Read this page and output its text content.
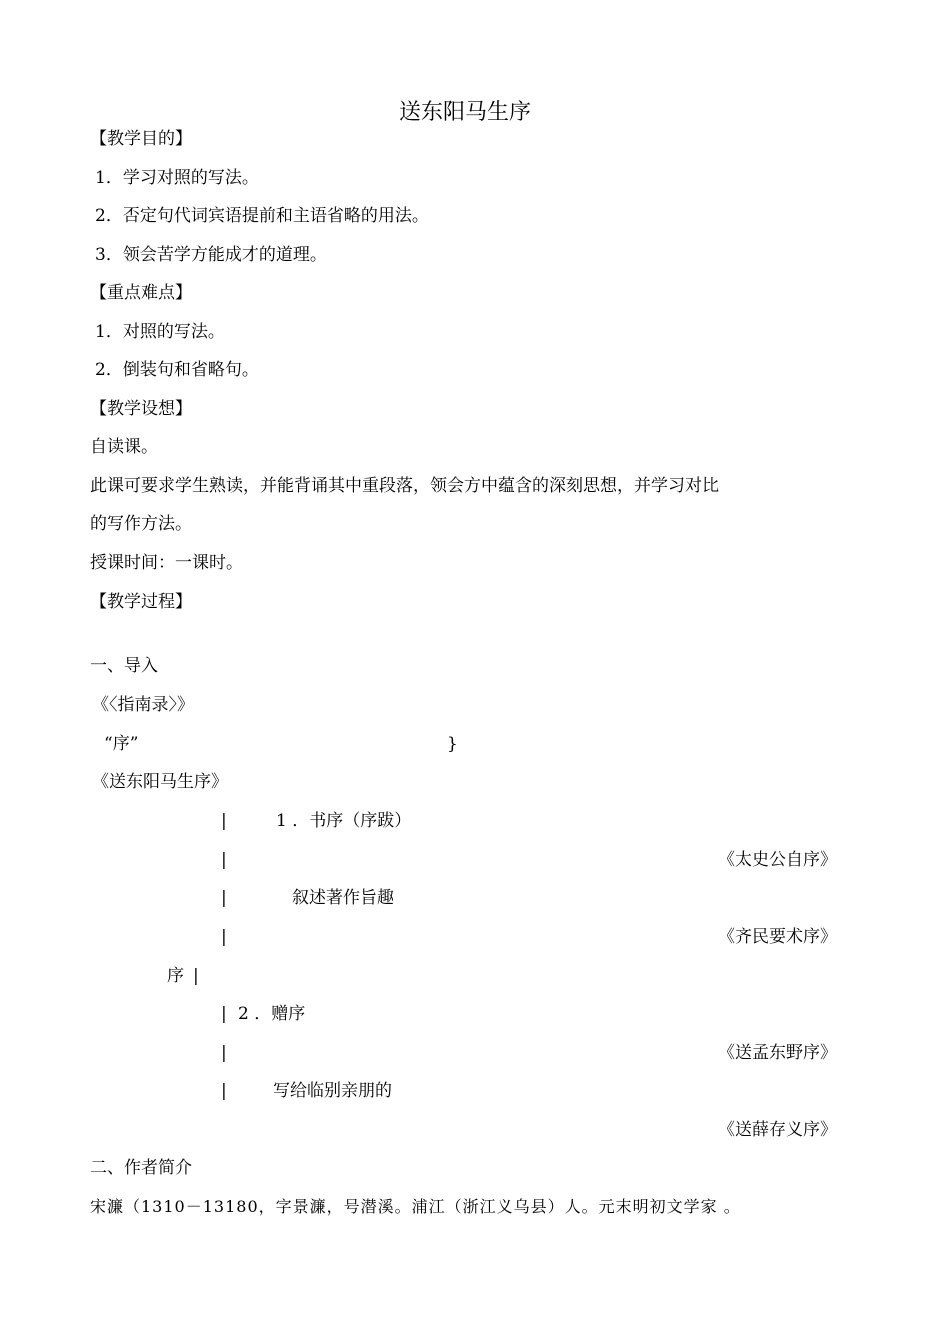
送东阳马生序
【教学目的】
1．学习对照的写法。
2．否定句代词宾语提前和主语省略的用法。
3．领会苦学方能成才的道理。
【重点难点】
1．对照的写法。
2．倒装句和省略句。
【教学设想】
自读课。
此课可要求学生熟读，并能背诵其中重段落，领会方中蕴含的深刻思想，并学习对比
的写作方法。
授课时间：一课时。
【教学过程】
一、导入
《〈指南录〉》
“序”	}
《送东阳马生序》
|	1 ．书序（序跋）
|	《太史公自序》
|	叙述著作旨趣
|	《齐民要术序》
序 |
| 2 ．赠序
|	《送孟东野序》
|	写给临别亲朋的
《送薛存义序》
二、作者简介
宋濂（1310－13180，字景濂，号潜溪。浦江（浙江义乌县）人。元末明初文学家 。
